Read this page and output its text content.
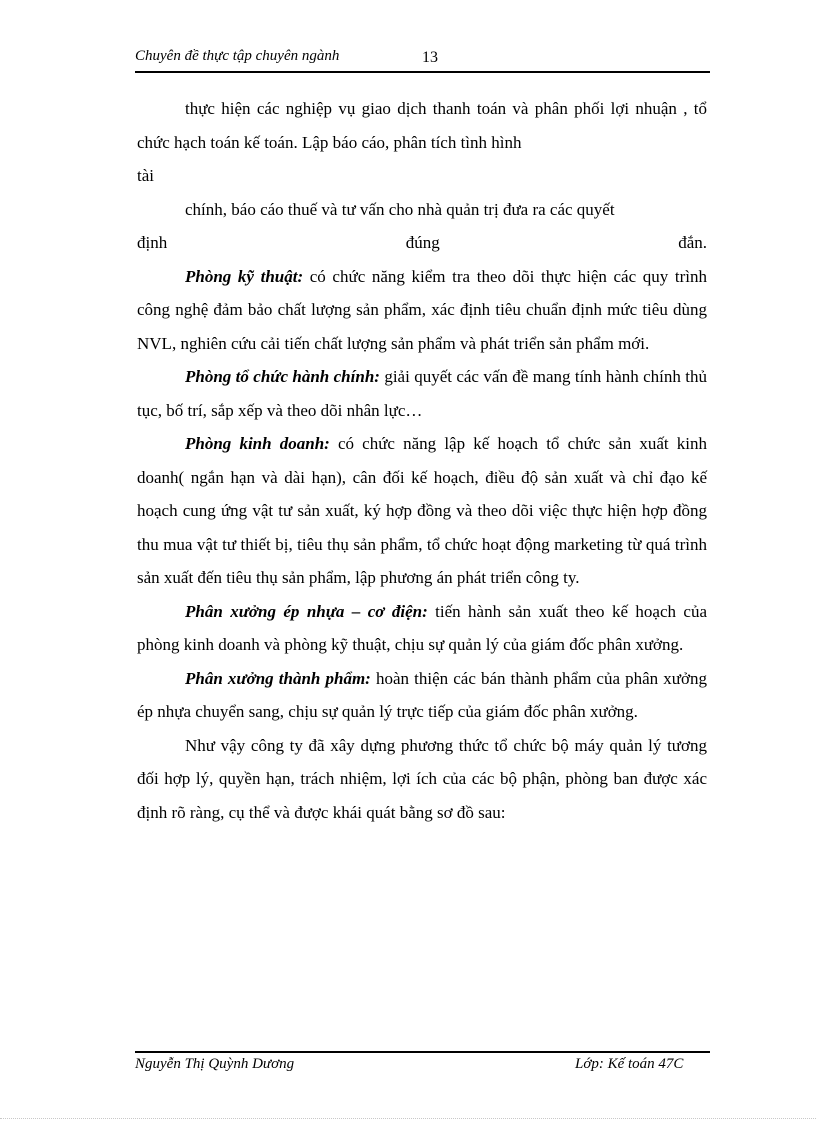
Chuyên đề thực tập chuyên ngành	13

thực hiện các nghiệp vụ giao dịch thanh toán và phân phối lợi nhuận , tổ chức hạch toán kế toán. Lập báo cáo, phân tích tình hình

tài

chính, báo cáo thuế và tư vấn cho nhà quản trị đưa ra các quyết

định đúng đắn.

Phòng kỹ thuật: có chức năng kiểm tra theo dõi thực hiện các quy trình công nghệ đảm bảo chất lượng sản phẩm, xác định tiêu chuẩn định mức tiêu dùng NVL, nghiên cứu cải tiến chất lượng sản phẩm và phát triển sản phẩm mới.

Phòng tổ chức hành chính: giải quyết các vấn đề mang tính hành chính thủ tục, bố trí, sắp xếp và theo dõi nhân lực…

Phòng kinh doanh: có chức năng lập kế hoạch tổ chức sản xuất kinh doanh( ngắn hạn và dài hạn), cân đối kế hoạch, điều độ sản xuất và chỉ đạo kế hoạch cung ứng vật tư sản xuất, ký hợp đồng và theo dõi việc thực hiện hợp đồng thu mua vật tư thiết bị, tiêu thụ sản phẩm, tổ chức hoạt động marketing từ quá trình sản xuất đến tiêu thụ sản phẩm, lập phương án phát triển công ty.

Phân xưởng ép nhựa – cơ điện: tiến hành sản xuất theo kế hoạch của phòng kinh doanh và phòng kỹ thuật, chịu sự quản lý của giám đốc phân xưởng.

Phân xưởng thành phẩm: hoàn thiện các bán thành phẩm của phân xưởng ép nhựa chuyển sang, chịu sự quản lý trực tiếp của giám đốc phân xưởng.

Như vậy công ty đã xây dựng phương thức tổ chức bộ máy quản lý tương đối hợp lý, quyền hạn, trách nhiệm, lợi ích của các bộ phận, phòng ban được xác định rõ ràng, cụ thể và được khái quát bằng sơ đồ sau:

Nguyễn Thị Quỳnh Dương	Lớp: Kế toán 47C
